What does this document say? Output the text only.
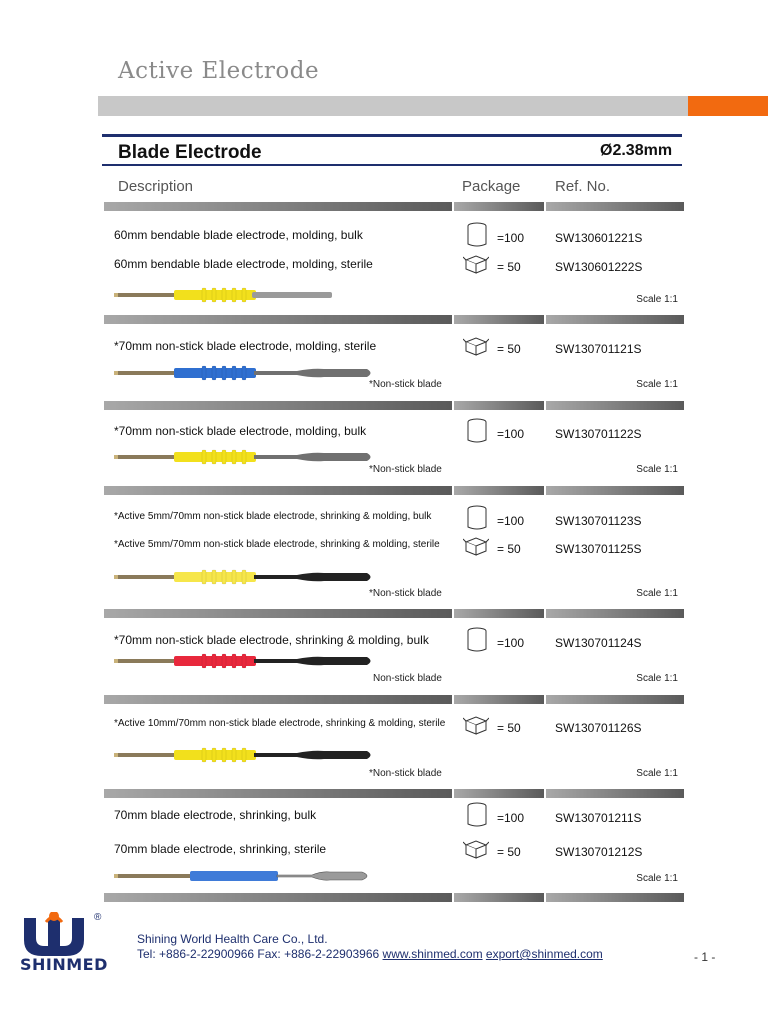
Active Electrode
Blade Electrode	Ø2.38mm
Description	Package Ref. No.
®
SHINMED
Shining World Health Care Co., Ltd.
Tel: +886-2-22900966 Fax: +886-2-22903966 www.shinmed.com export@shinmed.com	- 1 -
60mm bendable blade electrode, molding, bulk	=100	SW130601221S
60mm bendable blade electrode, molding, sterile	= 50	SW130601222S
Scale 1:1
*70mm non-stick blade electrode, molding, sterile	= 50	SW130701121S
Scale 1:1
*Non-stick blade
*70mm non-stick blade electrode, molding, bulk	=100	SW130701122S
Scale 1:1
*Non-stick blade
*Active 5mm/70mm non-stick blade electrode, shrinking & molding, bulk	=100	SW130701123S
*Active 5mm/70mm non-stick blade electrode, shrinking & molding, sterile	= 50	SW130701125S
Scale 1:1
*Non-stick blade
*70mm non-stick blade electrode, shrinking & molding, bulk	=100	SW130701124S
Scale 1:1
Non-stick blade
*Active 10mm/70mm non-stick blade electrode, shrinking & molding, sterile	= 50	SW130701126S
Scale 1:1
*Non-stick blade
70mm blade electrode, shrinking, bulk	=100	SW130701211S
70mm blade electrode, shrinking, sterile	= 50	SW130701212S
Scale 1:1
